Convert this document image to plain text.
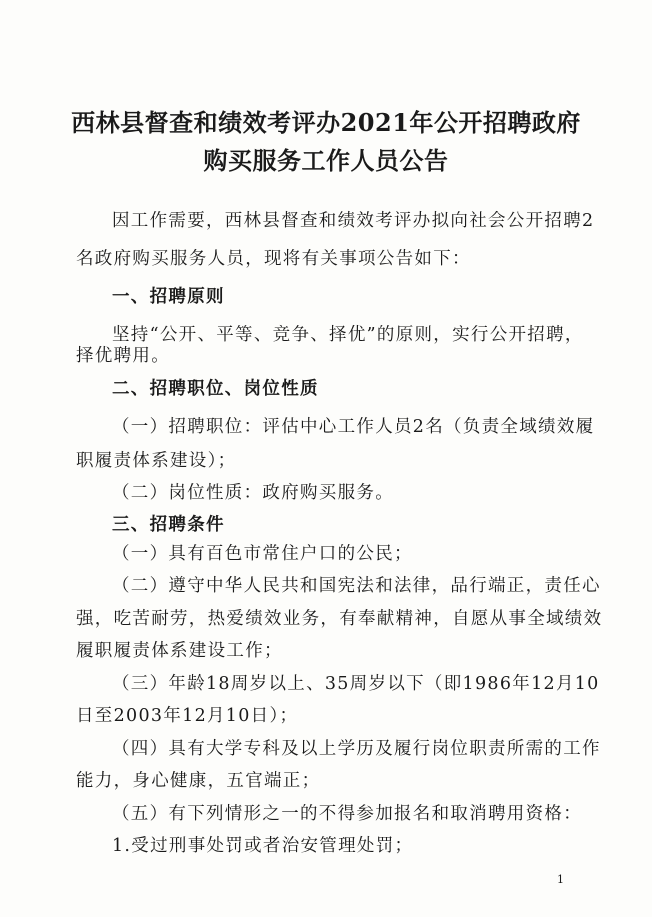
西林县督查和绩效考评办2021年公开招聘政府
购买服务工作人员公告
因工作需要，西林县督查和绩效考评办拟向社会公开招聘2
名政府购买服务人员，现将有关事项公告如下：
一、招聘原则
坚持“公开、平等、竞争、择优”的原则，实行公开招聘，
择优聘用。
二、招聘职位、岗位性质
（一）招聘职位：评估中心工作人员2名（负责全域绩效履
职履责体系建设）；
（二）岗位性质：政府购买服务。
三、招聘条件
（一）具有百色市常住户口的公民；
（二）遵守中华人民共和国宪法和法律，品行端正，责任心
强，吃苦耐劳，热爱绩效业务，有奉献精神，自愿从事全域绩效
履职履责体系建设工作；
（三）年龄18周岁以上、35周岁以下（即1986年12月10
日至2003年12月10日）；
（四）具有大学专科及以上学历及履行岗位职责所需的工作
能力，身心健康，五官端正；
（五）有下列情形之一的不得参加报名和取消聘用资格：
1.受过刑事处罚或者治安管理处罚；
1
